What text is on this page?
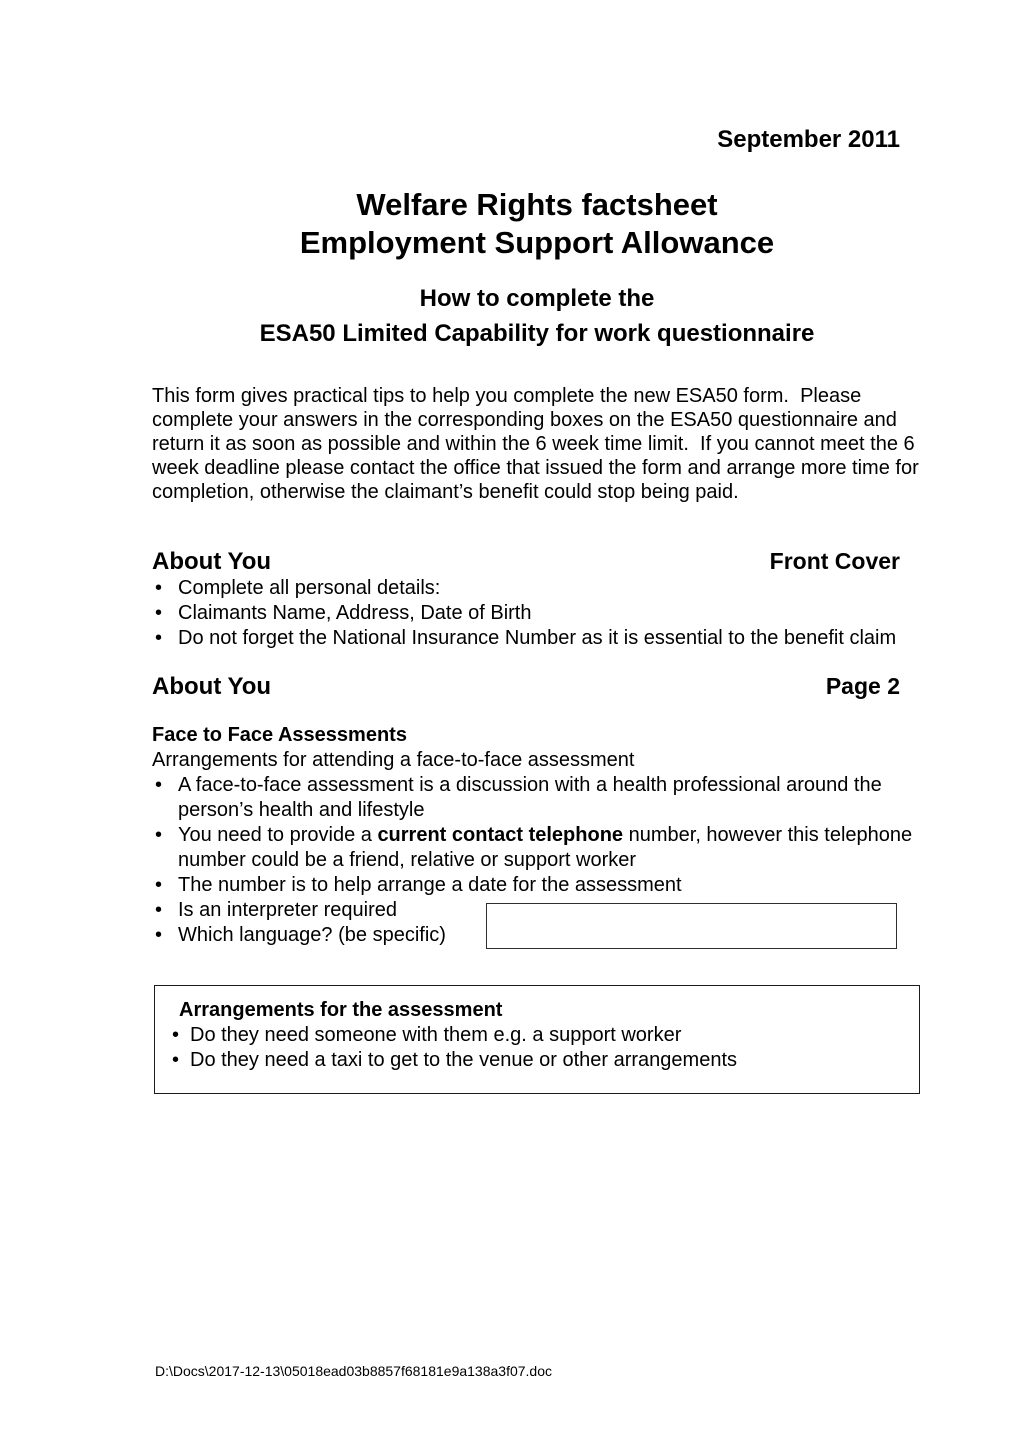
September 2011
Welfare Rights factsheet
Employment Support Allowance
How to complete the
ESA50 Limited Capability for work questionnaire

This form gives practical tips to help you complete the new ESA50 form.  Please complete your answers in the corresponding boxes on the ESA50 questionnaire and return it as soon as possible and within the 6 week time limit.  If you cannot meet the 6 week deadline please contact the office that issued the form and arrange more time for completion, otherwise the claimant’s benefit could stop being paid.

About You	Front Cover
• Complete all personal details:
• Claimants Name, Address, Date of Birth
• Do not forget the National Insurance Number as it is essential to the benefit claim
About You	Page 2
Face to Face Assessments
Arrangements for attending a face-to-face assessment
• A face-to-face assessment is a discussion with a health professional around the person’s health and lifestyle
• You need to provide a current contact telephone number, however this telephone number could be a friend, relative or support worker
• The number is to help arrange a date for the assessment
• Is an interpreter required
• Which language? (be specific)
Arrangements for the assessment
• Do they need someone with them e.g. a support worker
• Do they need a taxi to get to the venue or other arrangements
D:\Docs\2017-12-13\05018ead03b8857f68181e9a138a3f07.doc
